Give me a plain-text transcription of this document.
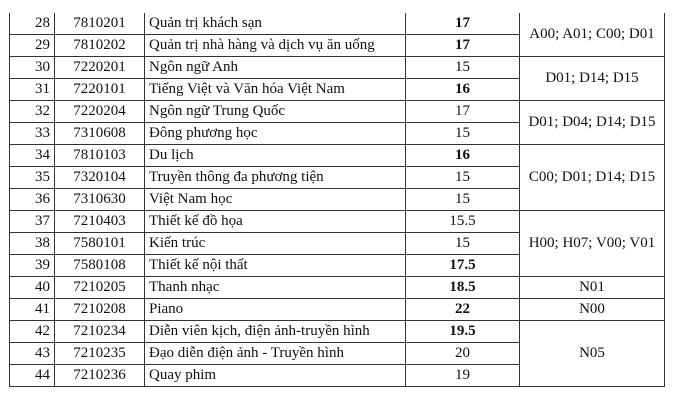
28	7810201	Quản trị khách sạn	17	A00; A01; C00; D01
29	7810202	Quản trị nhà hàng và dịch vụ ăn uống	17	
30	7220201	Ngôn ngữ Anh	15	D01; D14; D15
31	7220101	Tiếng Việt và Văn hóa Việt Nam	16	
32	7220204	Ngôn ngữ Trung Quốc	17	D01; D04; D14; D15
33	7310608	Đông phương học	15	
34	7810103	Du lịch	16	C00; D01; D14; D15
35	7320104	Truyền thông đa phương tiện	15	
36	7310630	Việt Nam học	15	
37	7210403	Thiết kế đồ họa	15.5	H00; H07; V00; V01
38	7580101	Kiến trúc	15	
39	7580108	Thiết kế nội thất	17.5	
40	7210205	Thanh nhạc	18.5	N01
41	7210208	Piano	22	N00
42	7210234	Diễn viên kịch, điện ảnh-truyền hình	19.5	N05
43	7210235	Đạo diễn điện ảnh - Truyền hình	20	
44	7210236	Quay phim	19	
